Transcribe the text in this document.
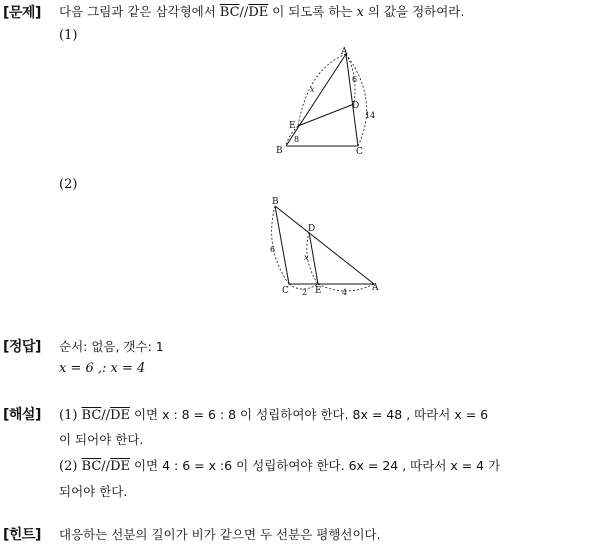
[문제] 다음 그림과 같은 삼각형에서 $\overline{BC}//\overline{DE}$ 이 되도록 하는 x 의 값을 정하여라.
(1)
A
B	C
D
E
x
6
8
14
(2)
B
D
C	E	A
6
x
2	4
[정답] 순서: 없음, 갯수: 1
x = 6 ,: x = 4
[해설] (1) $\overline{BC}//\overline{DE}$ 이면 x : 8 = 6 : 8 이 성립하여야 한다. 8x = 48 , 따라서 x = 6
이 되어야 한다.
(2) $\overline{BC}//\overline{DE}$ 이면 4 : 6 = x :6 이 성립하여야 한다. 6x = 24 , 따라서 x = 4 가
되어야 한다.
[힌트] 대응하는 선분의 길이가 비가 같으면 두 선분은 평행선이다.
